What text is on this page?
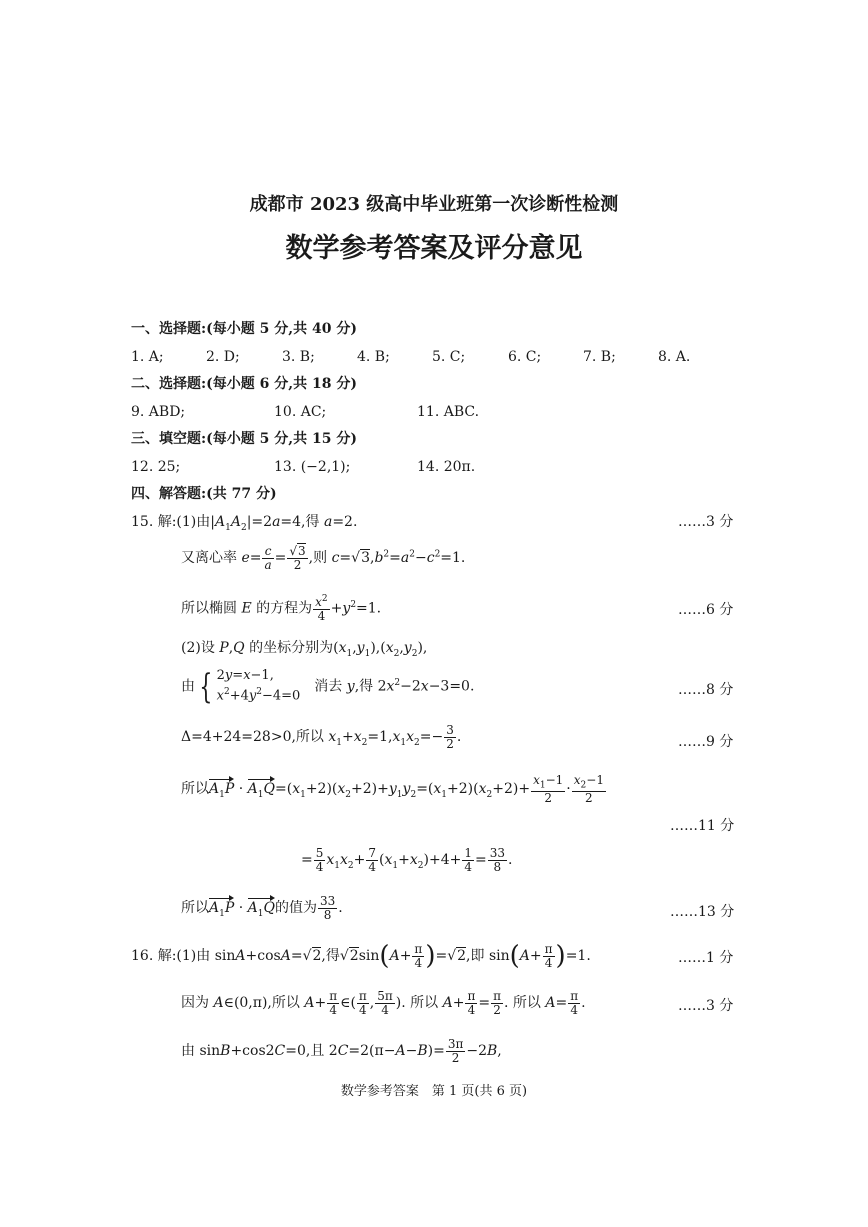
成都市 2023 级高中毕业班第一次诊断性检测
数学参考答案及评分意见
一、选择题:(每小题 5 分,共 40 分)
1. A;	2. D;	3. B;	4. B;	5. C;	6. C;	7. B;	8. A.
二、选择题:(每小题 6 分,共 18 分)
9. ABD;	10. AC;	11. ABC.
三、填空题:(每小题 5 分,共 15 分)
12. 25;	13. (−2,1);	14. 20π.
四、解答题:(共 77 分)
15. 解:(1)由$|A_1A_2|=2a=4$,得 a=2.	……3 分
又离心率 $e= \frac{c}{a} = \frac{√3}{2}$ ,则 $c=√3,b^2=a^2-c^2=1$.
所以椭圆 E 的方程为 $\frac{x^2}{4} +y^2=1$.	……6 分
(2)设 P,Q 的坐标分别为$(x_1,y_1),(x_2,y_2)$,
由 { 2y=x−1,
$x^2+4y^2-4=0$　消去 y,得 $2x^2-2x-3=0$.	……8 分
Δ=4+24=28>0,所以 $x_1+x_2=1,x_1x_2=- \frac{3}{2}$ .	……9 分
所以$A_1P \cdot A_1Q=(x_1+2)(x_2+2)+y_1y_2=(x_1+2)(x_2+2)+ \frac{x_1-1}{2} \cdot \frac{x_2-1}{2}$
……11 分
= $\frac{5}{4} x_1x_2+ \frac{7}{4} (x_1+x_2)+4+ \frac{1}{4} = \frac{33}{8}$ .
所以$A_1P \cdot A_1Q$的值为 $\frac{33}{8}$ .	……13 分
16. 解:(1)由 sinA+cosA=√2,得$√2\sin(A+ \frac{\pi}{4} )=√2$,即 $\sin(A+ \frac{\pi}{4} )=1$.	……1 分
因为 A∈(0,π),所以 $A+ \frac{\pi}{4}$ ∈( $\frac{\pi}{4}$ , $\frac{5\pi}{4}$ ). 所以 $A+ \frac{\pi}{4} = \frac{\pi}{2}$ . 所以 $A= \frac{\pi}{4}$ .	……3 分
由 sinB+cos2C=0,且 $2C=2(\pi-A-B)= \frac{3\pi}{2} -2B$,
数学参考答案　第 1 页(共 6 页)
